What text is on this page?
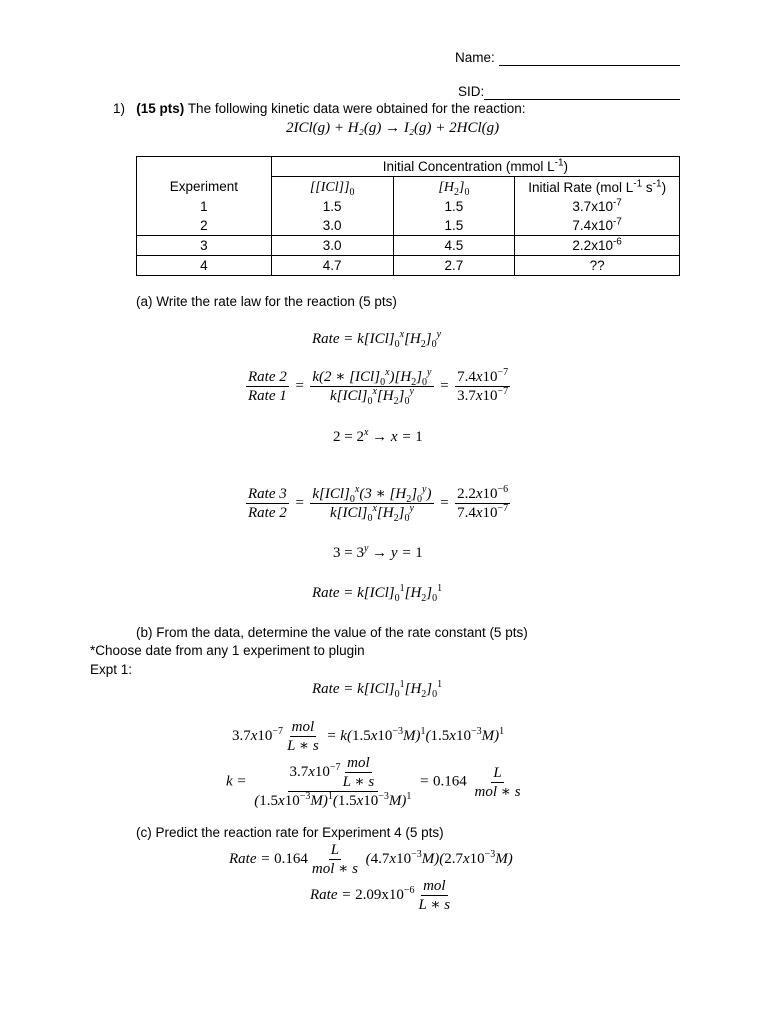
Name:
SID:
1) (15 pts) The following kinetic data were obtained for the reaction:
2ICl(g) + H₂(g) → I₂(g) + 2HCl(g)
	Initial Concentration (mmol $L^{-1}$)		
Experiment	$[[ICl]]_0$	$[H_2]_0$	Initial Rate (mol $L^{-1}$ $s^{-1}$)
1	1.5	1.5	$3.7x10^{-7}$
2	3.0	1.5	$7.4x10^{-7}$
3	3.0	4.5	$2.2x10^{-6}$
4	4.7	2.7	??
(a) Write the rate law for the reaction (5 pts)
Rate = $k[ICl]_0^x[H_2]_0^y$
$\frac{\text{Rate 2}}{\text{Rate 1}} = \frac{k(2 ∗ [ICl]_0^x)[H_2]_0^y}{k[ICl]_0^x[H_2]_0^y} = \frac{7.4x10^{-7}}{3.7x10^{-7}}$
$2 = 2^x \to x = 1$
$\frac{\text{Rate 3}}{\text{Rate 2}} = \frac{k[ICl]_0^x(3 ∗ [H_2]_0^y)}{k[ICl]_0^x[H_2]_0^y} = \frac{2.2x10^{-6}}{7.4x10^{-7}}$
$3 = 3^y \to y = 1$
Rate = $k[ICl]_0^1[H_2]_0^1$
(b) From the data, determine the value of the rate constant (5 pts)
*Choose date from any 1 experiment to plugin
Expt 1:
Rate = $k[ICl]_0^1[H_2]_0^1$
$3.7x10^{-7} \frac{\text{mol}}{L ∗ s} = k(1.5x10^{-3}M)^1(1.5x10^{-3}M)^1$
$k = \frac{3.7x10^{-7} \frac{\text{mol}}{L ∗ s}}{(1.5x10^{-3}M)^1(1.5x10^{-3}M)^1} = 0.164 \frac{L}{\text{mol ∗ s}}$
(c) Predict the reaction rate for Experiment 4 (5 pts)
Rate = $0.164 \frac{L}{\text{mol ∗ s}} (4.7x10^{-3}M)(2.7x10^{-3}M)$
Rate = $2.09x10^{-6} \frac{\text{mol}}{L ∗ s}$
